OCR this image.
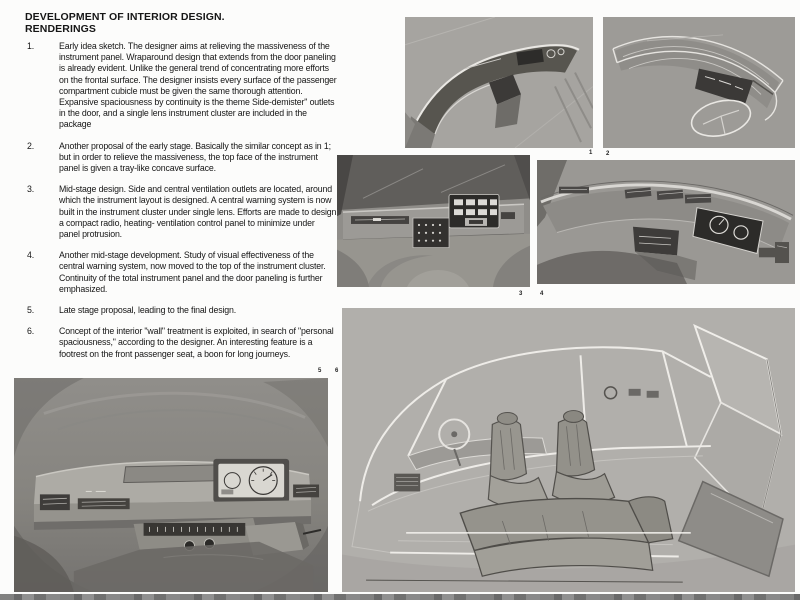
DEVELOPMENT OF INTERIOR DESIGN.
RENDERINGS
1.	Early idea sketch. The designer aims at relieving the massiveness of the instrument panel. Wraparound design that extends from the door paneling is already evident. Unlike the general trend of concentrating more efforts on the frontal surface. The designer insists every surface of the passenger compartment cubicle must be given the same thorough attention. Expansive spaciousness by continuity is the theme Side-demister" outlets in the door, and a single lens instrument cluster are included in the package
2.	Another proposal of the early stage. Basically the similar concept as in 1; but in order to relieve the massiveness, the top face of the instrument panel is given a tray-like concave surface.
3.	Mid-stage design. Side and central ventilation outlets are located, around which the instrument layout is designed. A central warning system is now built in the instrument cluster under single lens. Efforts are made to design a compact radio, heating- ventilation control panel to minimize under panel protrusion.
4.	Another mid-stage development. Study of visual effectiveness of the central warning system, now moved to the top of the instrument cluster. Continuity of the total instrument panel and the door paneling is further emphasized.
5.	Late stage proposal, leading to the final design.
6.	Concept of the interior "wall" treatment is exploited, in search of "personal spaciousness," according to the designer. An interesting feature is a footrest on the front passenger seat, a boon for long journeys.
1 2
3	4
5 6
